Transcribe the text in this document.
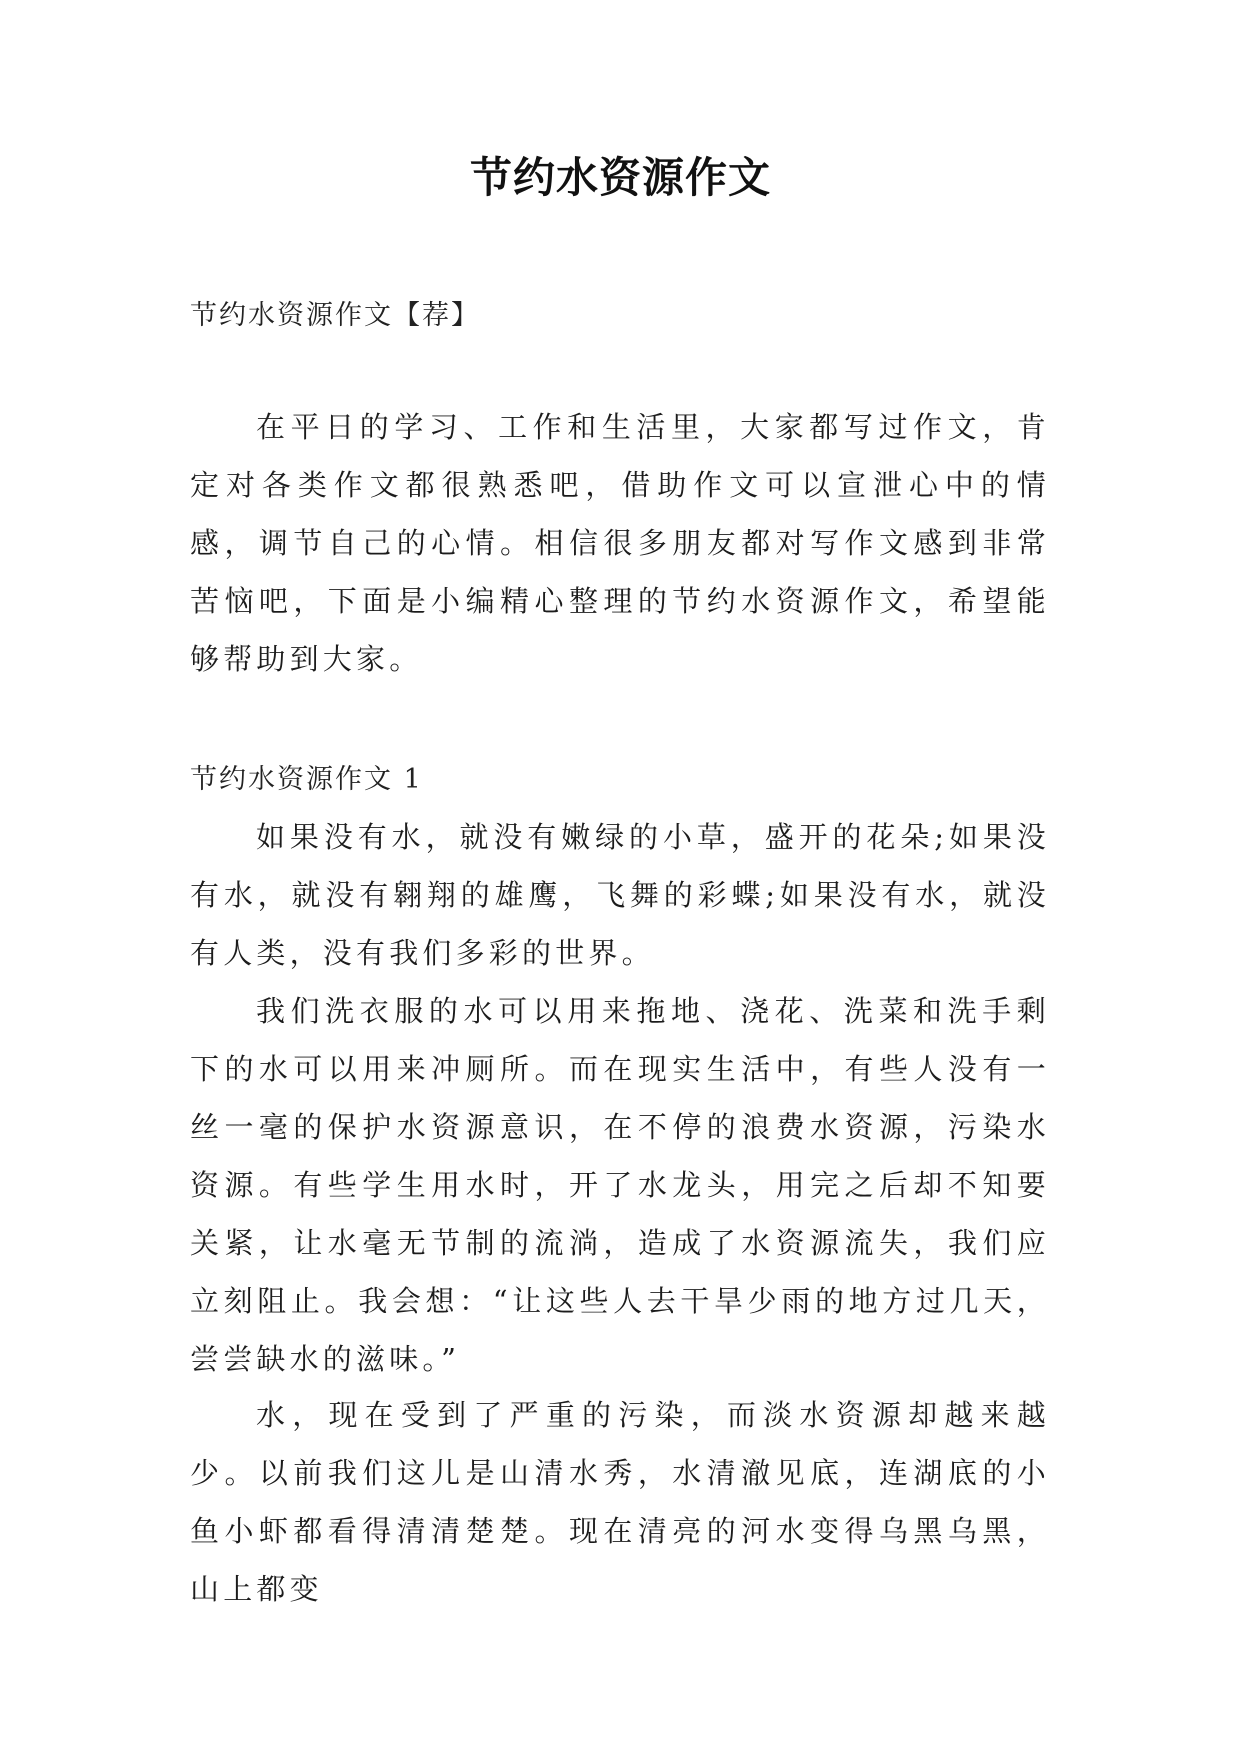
节约水资源作文
节约水资源作文【荐】

在平日的学习、工作和生活里，大家都写过作文，肯定对各类作文都很熟悉吧，借助作文可以宣泄心中的情感，调节自己的心情。相信很多朋友都对写作文感到非常苦恼吧，下面是小编精心整理的节约水资源作文，希望能够帮助到大家。

节约水资源作文 1

如果没有水，就没有嫩绿的小草，盛开的花朵;如果没有水，就没有翱翔的雄鹰，飞舞的彩蝶;如果没有水，就没有人类，没有我们多彩的世界。

我们洗衣服的水可以用来拖地、浇花、洗菜和洗手剩下的水可以用来冲厕所。而在现实生活中，有些人没有一丝一毫的保护水资源意识，在不停的浪费水资源，污染水资源。有些学生用水时，开了水龙头，用完之后却不知要关紧，让水毫无节制的流淌，造成了水资源流失，我们应立刻阻止。我会想：“让这些人去干旱少雨的地方过几天，尝尝缺水的滋味。”

水，现在受到了严重的污染，而淡水资源却越来越少。以前我们这儿是山清水秀，水清澈见底，连湖底的小鱼小虾都看得清清楚楚。现在清亮的河水变得乌黑乌黑，山上都变
